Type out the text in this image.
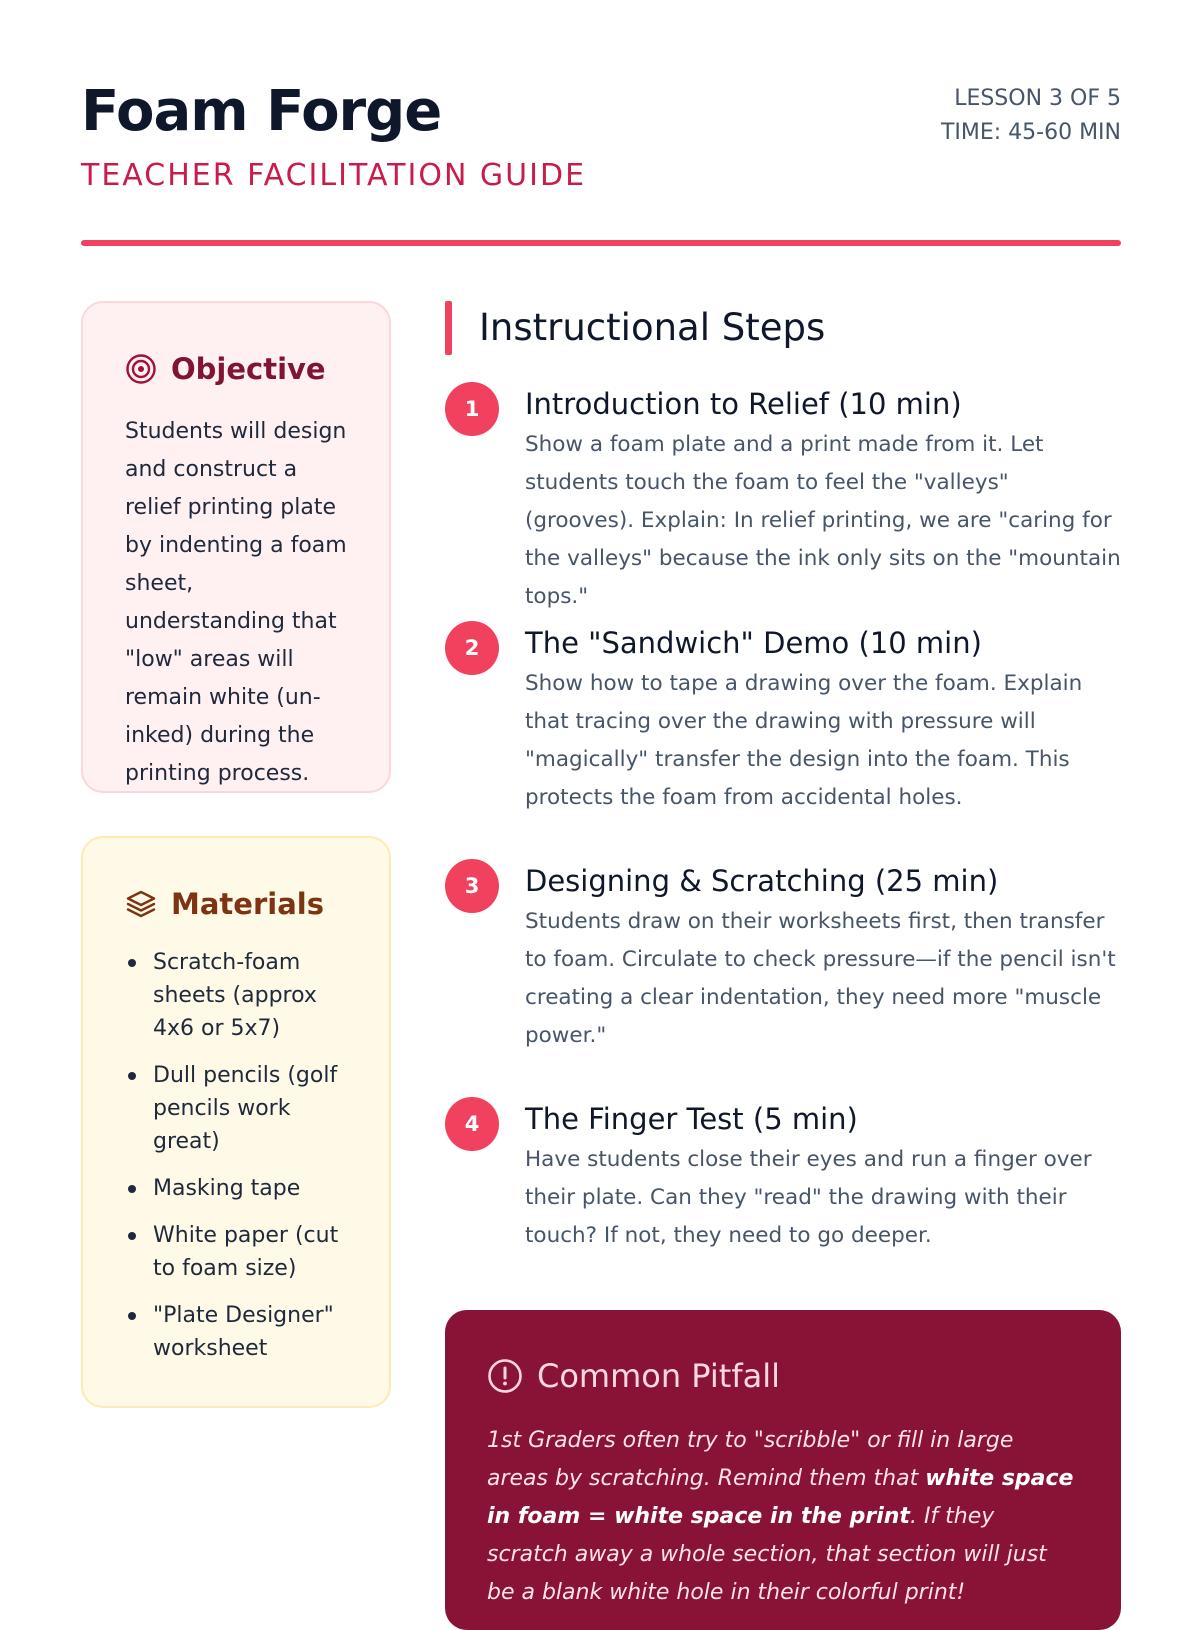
Foam Forge
TEACHER FACILITATION GUIDE
LESSON 3 OF 5
TIME: 45-60 MIN
Objective
Students will design and construct a relief printing plate by indenting a foam sheet, understanding that "low" areas will remain white (un-inked) during the printing process.
Materials
Scratch-foam sheets (approx 4x6 or 5x7)
Dull pencils (golf pencils work great)
Masking tape
White paper (cut to foam size)
"Plate Designer" worksheet
Instructional Steps
1	Introduction to Relief (10 min)
Show a foam plate and a print made from it. Let students touch the foam to feel the "valleys" (grooves). Explain: In relief printing, we are "caring for the valleys" because the ink only sits on the "mountain tops."
2	The "Sandwich" Demo (10 min)
Show how to tape a drawing over the foam. Explain that tracing over the drawing with pressure will "magically" transfer the design into the foam. This protects the foam from accidental holes.
3	Designing & Scratching (25 min)
Students draw on their worksheets first, then transfer to foam. Circulate to check pressure—if the pencil isn't creating a clear indentation, they need more "muscle power."
4	The Finger Test (5 min)
Have students close their eyes and run a finger over their plate. Can they "read" the drawing with their touch? If not, they need to go deeper.
Common Pitfall
1st Graders often try to "scribble" or fill in large areas by scratching. Remind them that white space in foam = white space in the print. If they scratch away a whole section, that section will just be a blank white hole in their colorful print!
